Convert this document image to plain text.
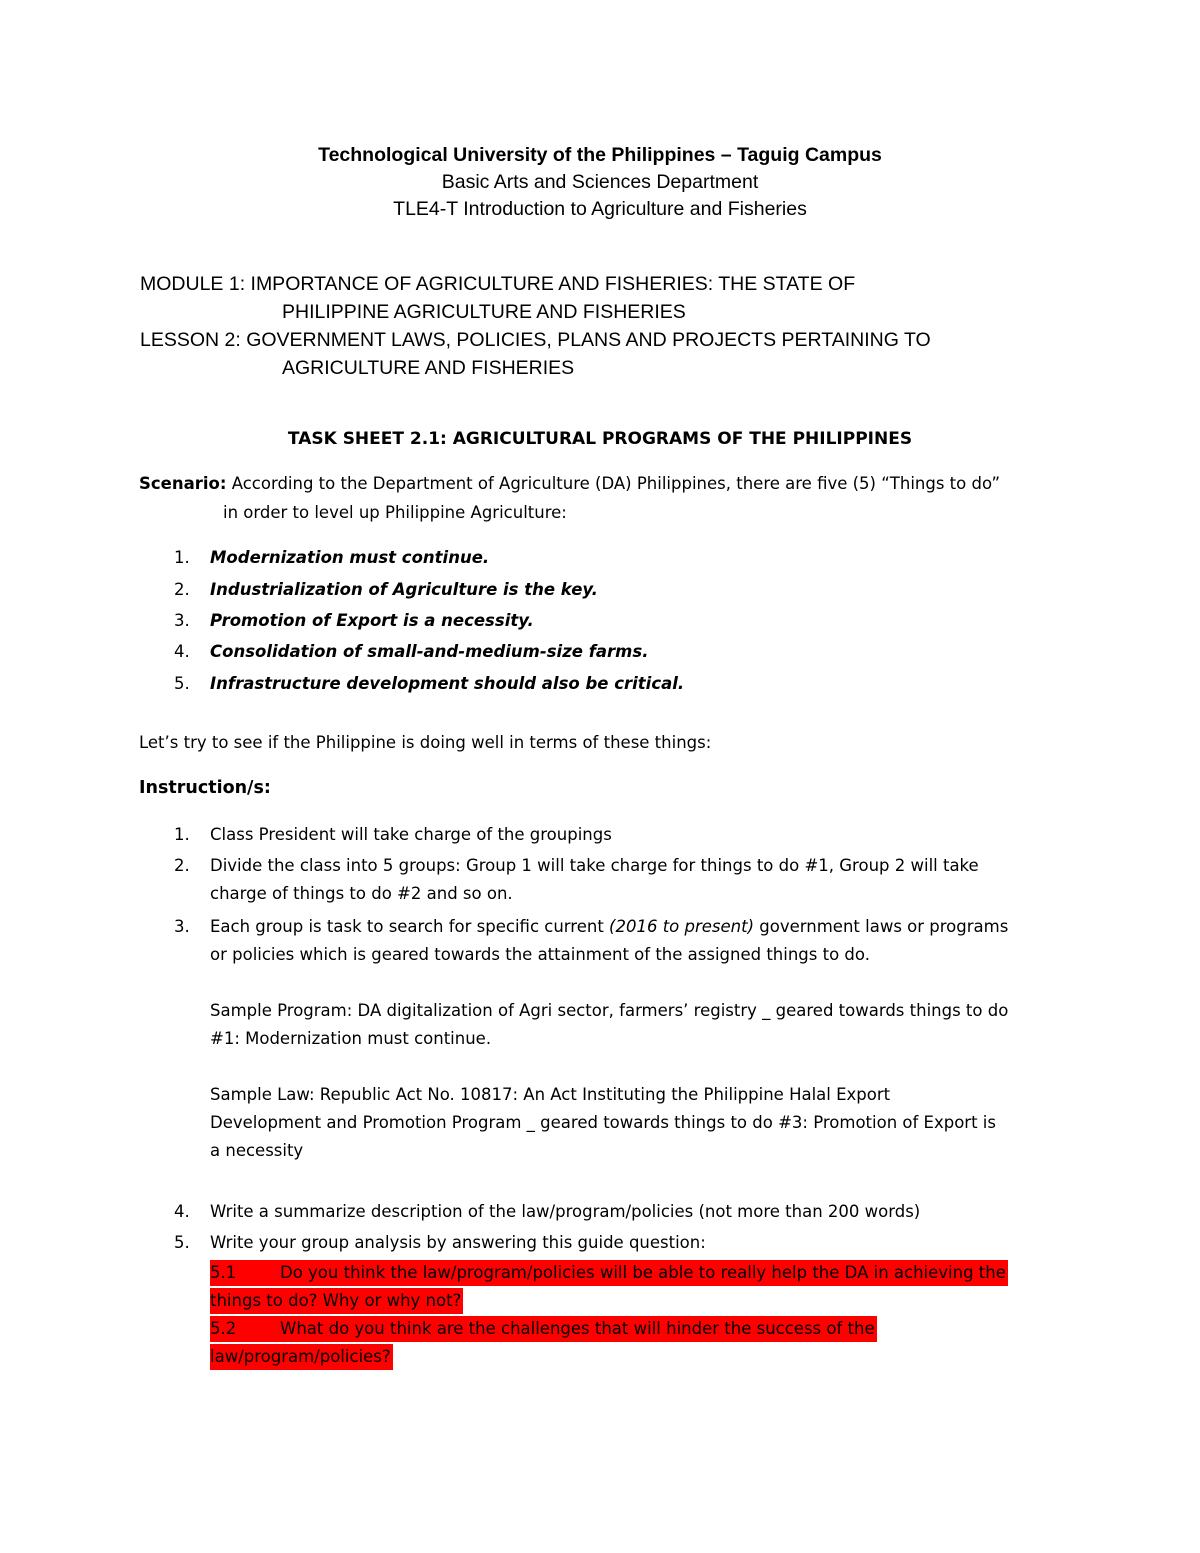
Technological University of the Philippines – Taguig Campus
Basic Arts and Sciences Department
TLE4-T Introduction to Agriculture and Fisheries
MODULE 1: IMPORTANCE OF AGRICULTURE AND FISHERIES: THE STATE OF
PHILIPPINE AGRICULTURE AND FISHERIES
LESSON 2: GOVERNMENT LAWS, POLICIES, PLANS AND PROJECTS PERTAINING TO
AGRICULTURE AND FISHERIES
TASK SHEET 2.1: AGRICULTURAL PROGRAMS OF THE PHILIPPINES
Scenario: According to the Department of Agriculture (DA) Philippines, there are five (5) “Things to do”
in order to level up Philippine Agriculture:
1. Modernization must continue.
2. Industrialization of Agriculture is the key.
3. Promotion of Export is a necessity.
4. Consolidation of small-and-medium-size farms.
5. Infrastructure development should also be critical.
Let’s try to see if the Philippine is doing well in terms of these things:
Instruction/s:
1. Class President will take charge of the groupings
2. Divide the class into 5 groups: Group 1 will take charge for things to do #1, Group 2 will take
charge of things to do #2 and so on.
3. Each group is task to search for specific current (2016 to present) government laws or programs
or policies which is geared towards the attainment of the assigned things to do.
Sample Program: DA digitalization of Agri sector, farmers’ registry _ geared towards things to do
#1: Modernization must continue.
Sample Law: Republic Act No. 10817: An Act Instituting the Philippine Halal Export
Development and Promotion Program _ geared towards things to do #3: Promotion of Export is
a necessity
4. Write a summarize description of the law/program/policies (not more than 200 words)
5. Write your group analysis by answering this guide question:
5.1	Do you think the law/program/policies will be able to really help the DA in achieving the
things to do? Why or why not?
5.2	What do you think are the challenges that will hinder the success of the
law/program/policies?
